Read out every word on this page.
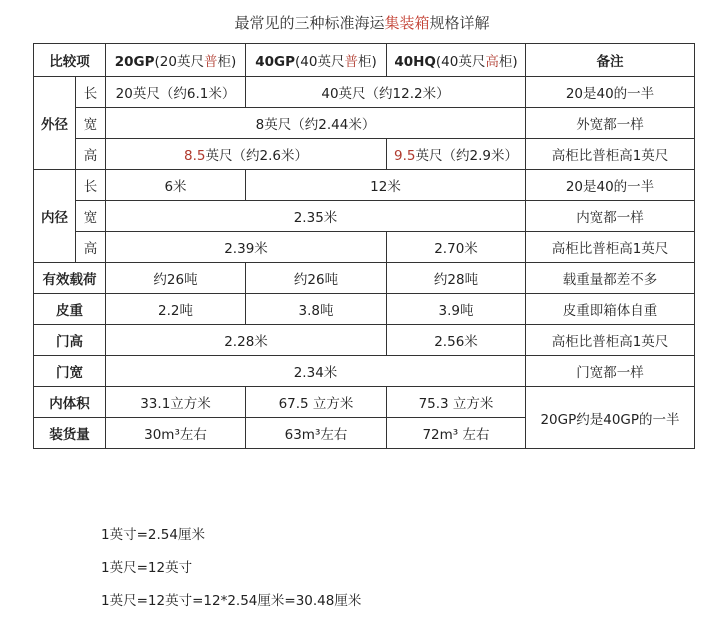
最常见的三种标准海运集装箱规格详解
比较项		20GP(20英尺普柜)	40GP(40英尺普柜)	40HQ(40英尺高柜)	备注
外径	长	20英尺（约6.1米）	40英尺（约12.2米）		20是40的一半
	宽	8英尺（约2.44米）			外宽都一样
	高	8.5英尺（约2.6米）		9.5英尺（约2.9米）	高柜比普柜高1英尺
内径	长	6米	12米		20是40的一半
	宽	2.35米			内宽都一样
	高	2.39米		2.70米	高柜比普柜高1英尺
有效载荷		约26吨	约26吨	约28吨	载重量都差不多
皮重		2.2吨	3.8吨	3.9吨	皮重即箱体自重
门高		2.28米		2.56米	高柜比普柜高1英尺
门宽		2.34米			门宽都一样
内体积		33.1立方米	67.5 立方米	75.3 立方米	20GP约是40GP的一半
装货量		30m³左右	63m³左右	72m³ 左右	
1英寸=2.54厘米
1英尺=12英寸
1英尺=12英寸=12*2.54厘米=30.48厘米
